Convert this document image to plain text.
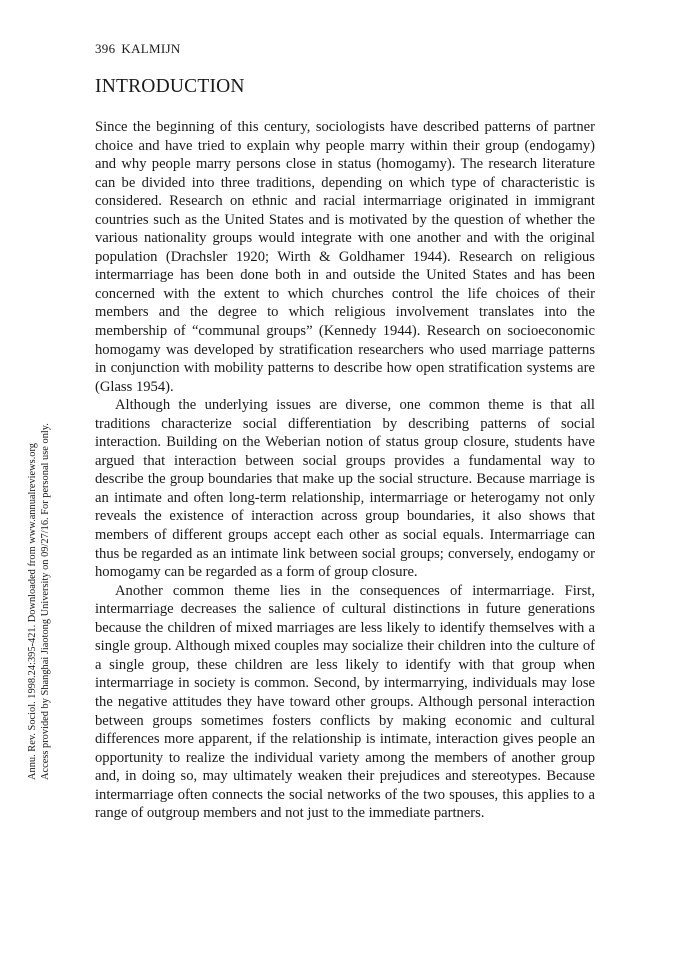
396 KALMIJN
INTRODUCTION

Since the beginning of this century, sociologists have described patterns of partner choice and have tried to explain why people marry within their group (endogamy) and why people marry persons close in status (homogamy). The research literature can be divided into three traditions, depending on which type of characteristic is considered. Research on ethnic and racial intermarriage originated in immigrant countries such as the United States and is motivated by the question of whether the various nationality groups would integrate with one another and with the original population (Drachsler 1920; Wirth & Goldhamer 1944). Research on religious intermarriage has been done both in and outside the United States and has been concerned with the extent to which churches control the life choices of their members and the degree to which religious involvement translates into the membership of “communal groups” (Kennedy 1944). Research on socioeconomic homogamy was developed by stratification researchers who used marriage patterns in conjunction with mobility patterns to describe how open stratification systems are (Glass 1954).

Although the underlying issues are diverse, one common theme is that all traditions characterize social differentiation by describing patterns of social interaction. Building on the Weberian notion of status group closure, students have argued that interaction between social groups provides a fundamental way to describe the group boundaries that make up the social structure. Because marriage is an intimate and often long-term relationship, intermarriage or heterogamy not only reveals the existence of interaction across group boundaries, it also shows that members of different groups accept each other as social equals. Intermarriage can thus be regarded as an intimate link between social groups; conversely, endogamy or homogamy can be regarded as a form of group closure.

Another common theme lies in the consequences of intermarriage. First, intermarriage decreases the salience of cultural distinctions in future generations because the children of mixed marriages are less likely to identify themselves with a single group. Although mixed couples may socialize their children into the culture of a single group, these children are less likely to identify with that group when intermarriage in society is common. Second, by intermarrying, individuals may lose the negative attitudes they have toward other groups. Although personal interaction between groups sometimes fosters conflicts by making economic and cultural differences more apparent, if the relationship is intimate, interaction gives people an opportunity to realize the individual variety among the members of another group and, in doing so, may ultimately weaken their prejudices and stereotypes. Because intermarriage often connects the social networks of the two spouses, this applies to a range of outgroup members and not just to the immediate partners.

Annu. Rev. Sociol. 1998.24:395-421. Downloaded from www.annualreviews.org Access provided by Shanghai Jiaotong University on 09/27/16. For personal use only.
